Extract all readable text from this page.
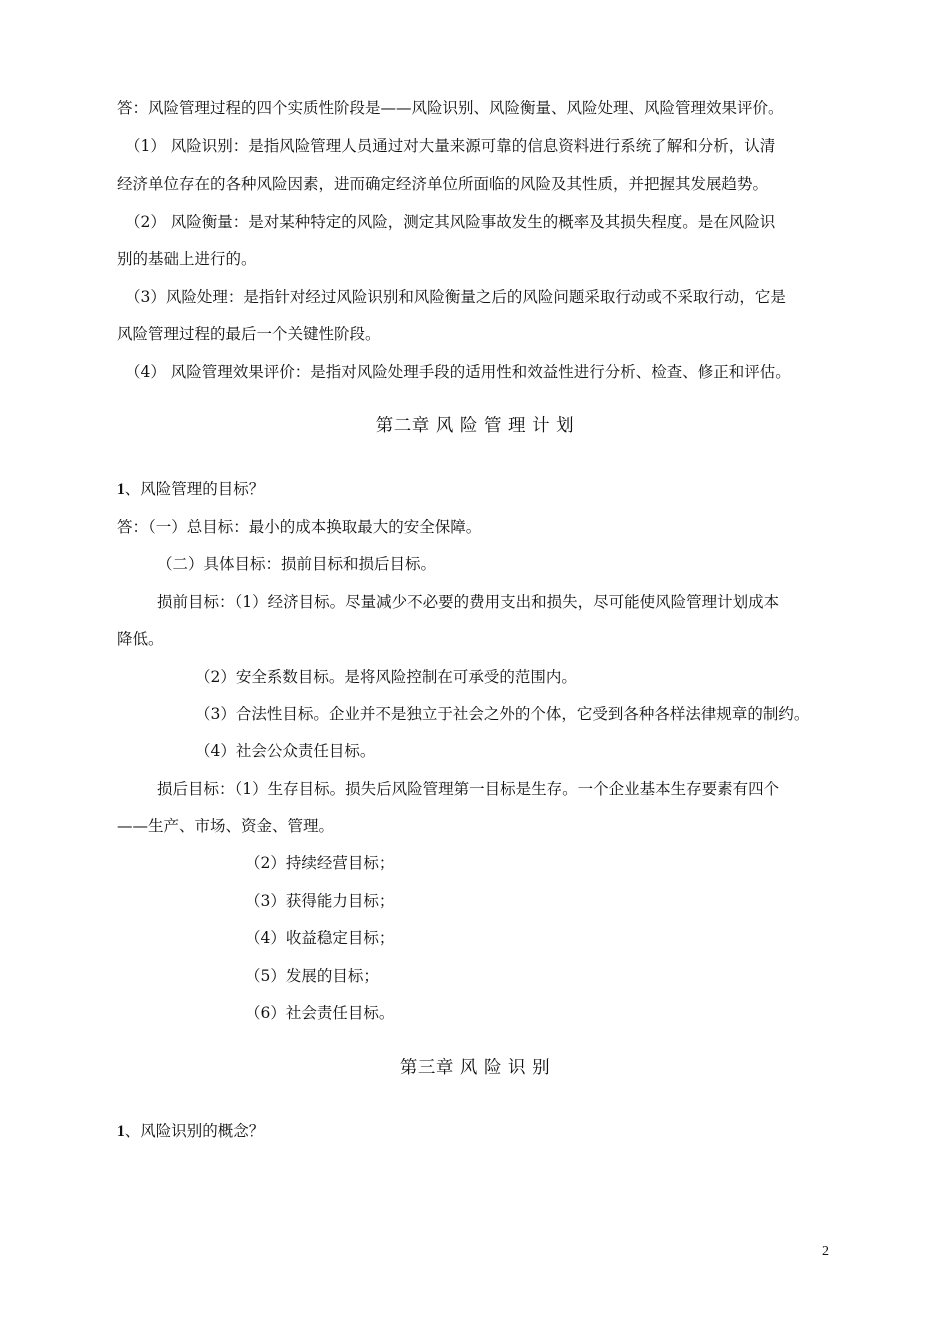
答：风险管理过程的四个实质性阶段是——风险识别、风险衡量、风险处理、风险管理效果评价。
（1） 风险识别：是指风险管理人员通过对大量来源可靠的信息资料进行系统了解和分析，认清
经济单位存在的各种风险因素，进而确定经济单位所面临的风险及其性质，并把握其发展趋势。
（2） 风险衡量：是对某种特定的风险，测定其风险事故发生的概率及其损失程度。是在风险识
别的基础上进行的。
（3）风险处理：是指针对经过风险识别和风险衡量之后的风险问题采取行动或不采取行动，它是
风险管理过程的最后一个关键性阶段。
（4） 风险管理效果评价：是指对风险处理手段的适用性和效益性进行分析、检查、修正和评估。
第二章 风 险 管 理 计 划
1、风险管理的目标？
答：（一）总目标：最小的成本换取最大的安全保障。
（二）具体目标：损前目标和损后目标。
损前目标：（1）经济目标。尽量减少不必要的费用支出和损失，尽可能使风险管理计划成本
降低。
（2）安全系数目标。是将风险控制在可承受的范围内。
（3）合法性目标。企业并不是独立于社会之外的个体，它受到各种各样法律规章的制约。
（4）社会公众责任目标。
损后目标：（1）生存目标。损失后风险管理第一目标是生存。一个企业基本生存要素有四个
——生产、市场、资金、管理。
（2）持续经营目标；
（3）获得能力目标；
（4）收益稳定目标；
（5）发展的目标；
（6）社会责任目标。
第三章 风 险 识 别
1、风险识别的概念？
2
